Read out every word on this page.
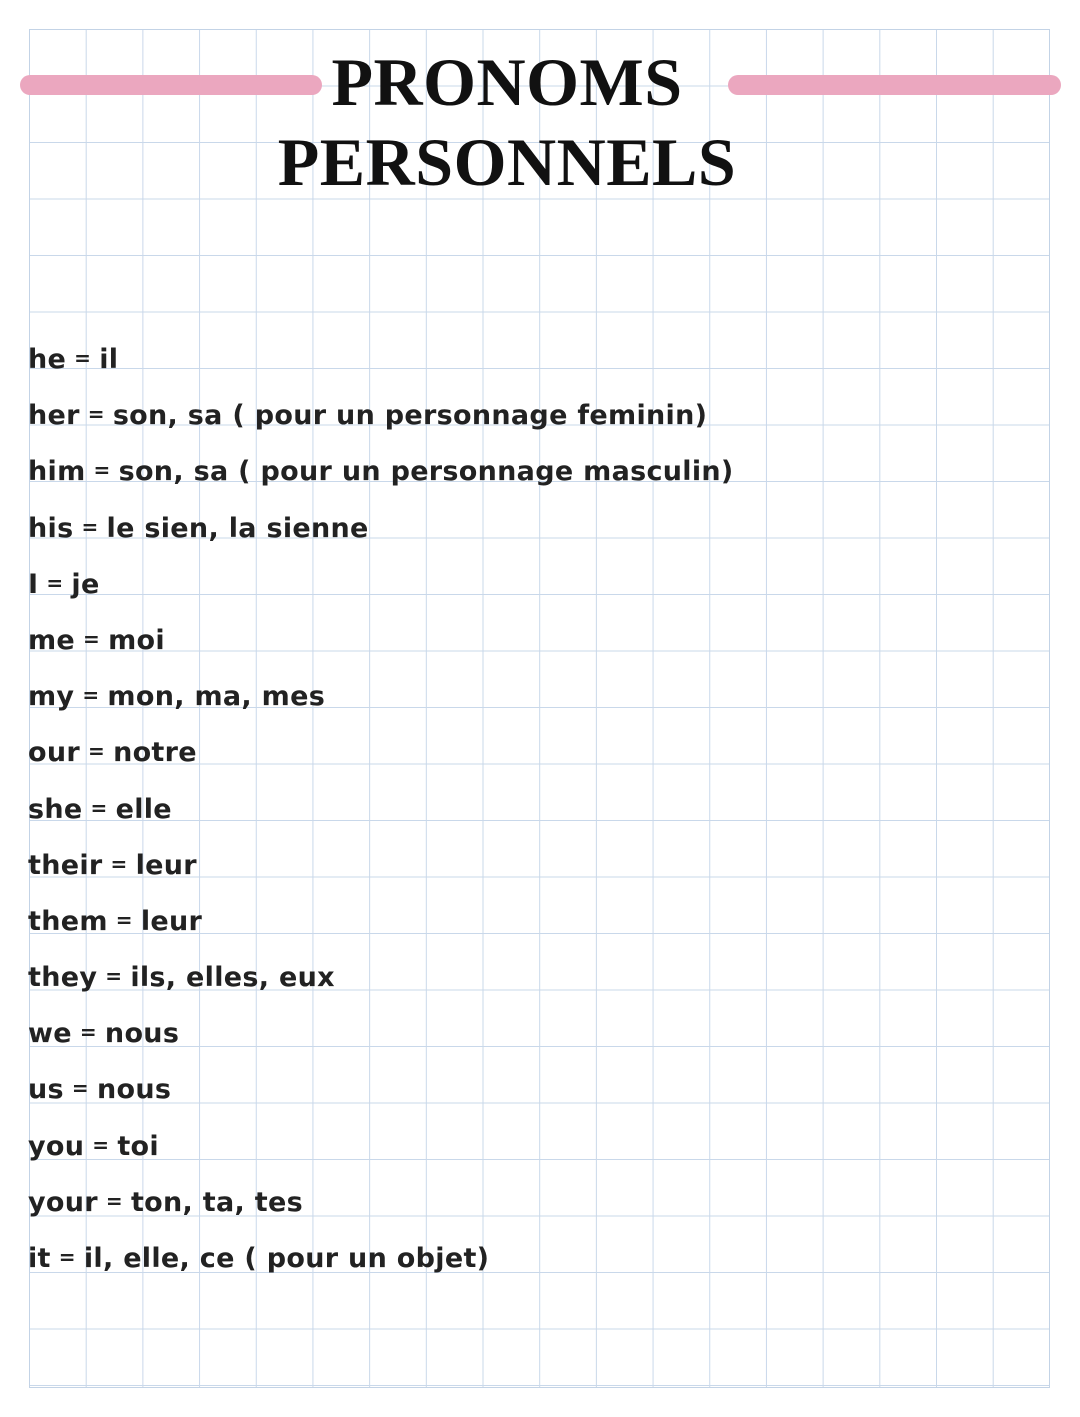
PRONOMS
PERSONNELS
he = il
her = son, sa ( pour un personnage feminin)
him = son, sa ( pour un personnage masculin)
his = le sien, la sienne
I = je
me = moi
my = mon, ma, mes
our = notre
she = elle
their = leur
them = leur
they = ils, elles, eux
we = nous
us = nous
you = toi
your = ton, ta, tes
it = il, elle, ce ( pour un objet)
